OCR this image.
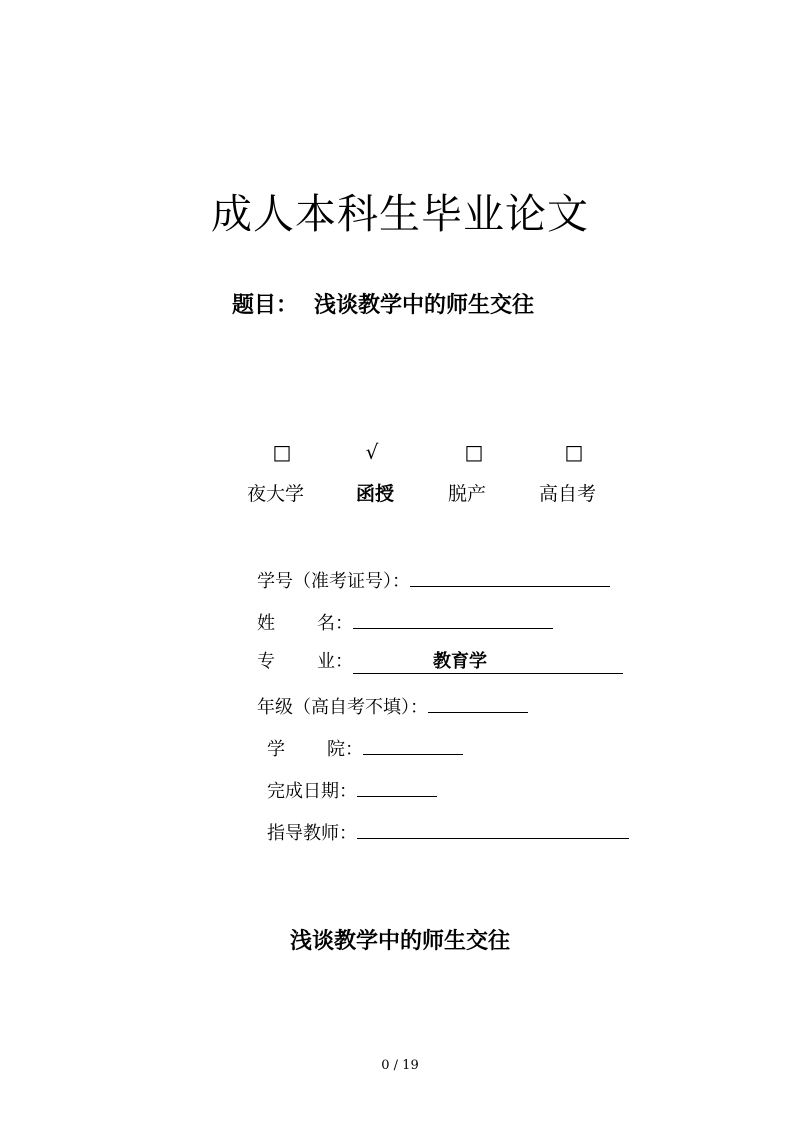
成人本科生毕业论文
题目： 浅谈教学中的师生交往
□	√	□	□
夜大学	函授	脱产	高自考
学号（准考证号）：
姓 名：
专 业：	教育学
年级（高自考不填）：
学 院：
完成日期：
指导教师：
浅谈教学中的师生交往
0 / 19
